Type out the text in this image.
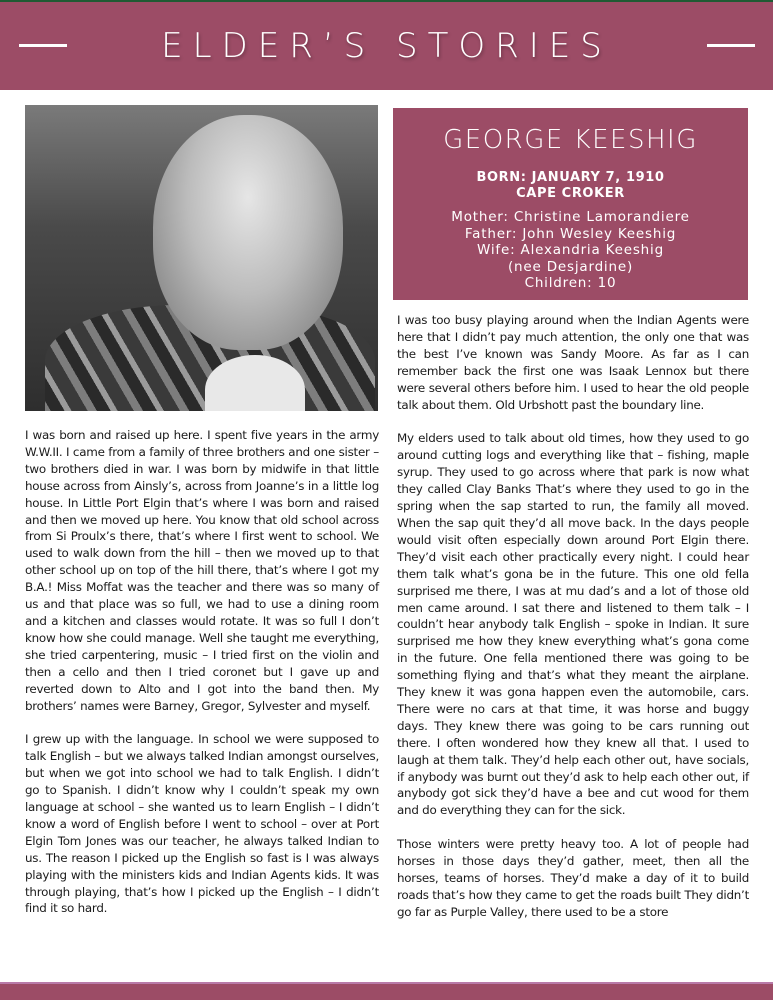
ELDER’S STORIES
GEORGE KEESHIG
BORN: JANUARY 7, 1910
CAPE CROKER
Mother: Christine Lamorandiere
Father: John Wesley Keeshig
Wife: Alexandria Keeshig
(nee Desjardine)
Children: 10

I was born and raised up here. I spent five years in the army W.W.II. I came from a family of three brothers and one sister – two brothers died in war. I was born by midwife in that little house across from Ainsly’s, across from Joanne’s in a little log house. In Little Port Elgin that’s where I was born and raised and then we moved up here. You know that old school across from Si Proulx’s there, that’s where I first went to school. We used to walk down from the hill – then we moved up to that other school up on top of the hill there, that’s where I got my B.A.! Miss Moffat was the teacher and there was so many of us and that place was so full, we had to use a dining room and a kitchen and classes would rotate. It was so full I don’t know how she could manage. Well she taught me everything, she tried carpentering, music – I tried first on the violin and then a cello and then I tried coronet but I gave up and reverted down to Alto and I got into the band then. My brothers’ names were Barney, Gregor, Sylvester and myself.

I grew up with the language. In school we were supposed to talk English – but we always talked Indian amongst ourselves, but when we got into school we had to talk English. I didn’t go to Spanish. I didn’t know why I couldn’t speak my own language at school – she wanted us to learn English – I didn’t know a word of English before I went to school – over at Port Elgin Tom Jones was our teacher, he always talked Indian to us. The reason I picked up the English so fast is I was always playing with the ministers kids and Indian Agents kids. It was through playing, that’s how I picked up the English – I didn’t find it so hard.

I was too busy playing around when the Indian Agents were here that I didn’t pay much attention, the only one that was the best I’ve known was Sandy Moore. As far as I can remember back the first one was Isaak Lennox but there were several others before him. I used to hear the old people talk about them. Old Urbshott past the boundary line.

My elders used to talk about old times, how they used to go around cutting logs and everything like that – fishing, maple syrup. They used to go across where that park is now what they called Clay Banks That’s where they used to go in the spring when the sap started to run, the family all moved. When the sap quit they’d all move back. In the days people would visit often especially down around Port Elgin there. They’d visit each other practically every night. I could hear them talk what’s gona be in the future. This one old fella surprised me there, I was at mu dad’s and a lot of those old men came around. I sat there and listened to them talk – I couldn’t hear anybody talk English – spoke in Indian. It sure surprised me how they knew everything what’s gona come in the future. One fella mentioned there was going to be something flying and that’s what they meant the airplane. They knew it was gona happen even the automobile, cars. There were no cars at that time, it was horse and buggy days. They knew there was going to be cars running out there. I often wondered how they knew all that. I used to laugh at them talk. They’d help each other out, have socials, if anybody was burnt out they’d ask to help each other out, if anybody got sick they’d have a bee and cut wood for them and do everything they can for the sick.

Those winters were pretty heavy too. A lot of people had horses in those days they’d gather, meet, then all the horses, teams of horses. They’d make a day of it to build roads that’s how they came to get the roads built They didn’t go far as Purple Valley, there used to be a store
